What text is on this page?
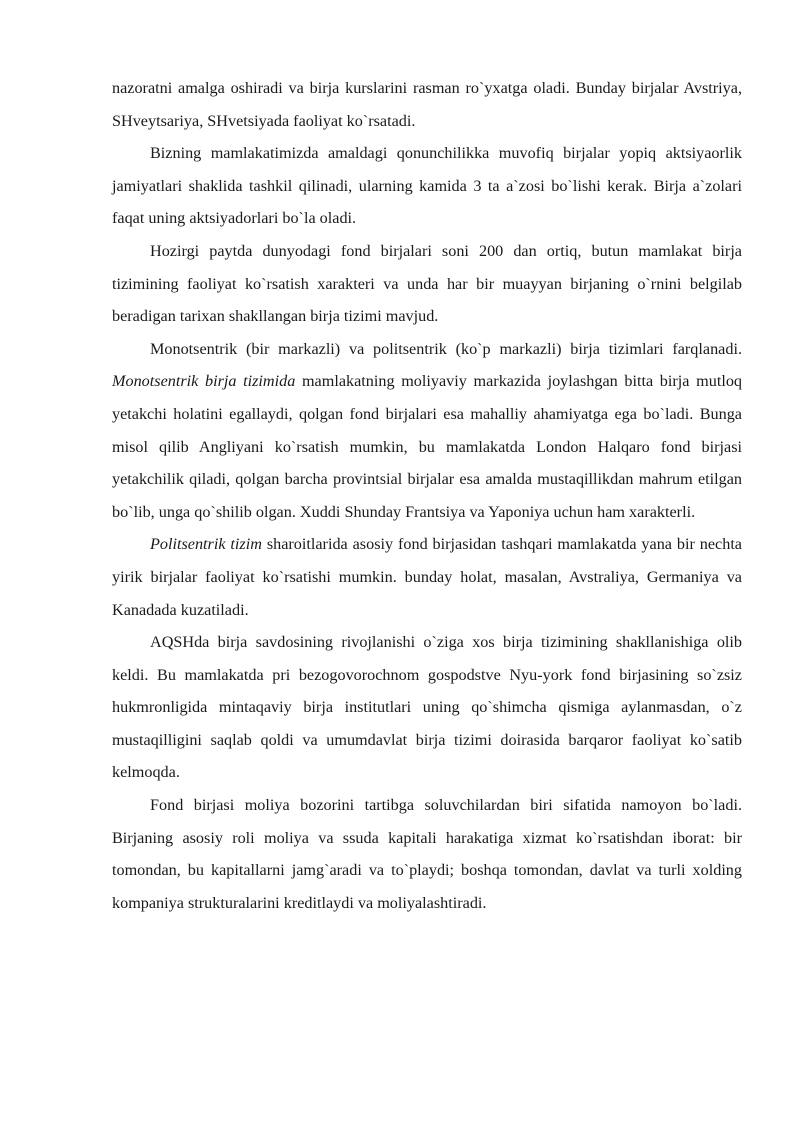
nazoratni amalga oshiradi va birja kurslarini rasman ro`yxatga oladi. Bunday birjalar Avstriya, SHveytsariya, SHvetsiyada faoliyat ko`rsatadi.

Bizning mamlakatimizda amaldagi qonunchilikka muvofiq birjalar yopiq aktsiyaorlik jamiyatlari shaklida tashkil qilinadi, ularning kamida 3 ta a`zosi bo`lishi kerak. Birja a`zolari faqat uning aktsiyadorlari bo`la oladi.

Hozirgi paytda dunyodagi fond birjalari soni 200 dan ortiq, butun mamlakat birja tizimining faoliyat ko`rsatish xarakteri va unda har bir muayyan birjaning o`rnini belgilab beradigan tarixan shakllangan birja tizimi mavjud.

Monotsentrik (bir markazli) va politsentrik (ko`p markazli) birja tizimlari farqlanadi. Monotsentrik birja tizimida mamlakatning moliyaviy markazida joylashgan bitta birja mutloq yetakchi holatini egallaydi, qolgan fond birjalari esa mahalliy ahamiyatga ega bo`ladi. Bunga misol qilib Angliyani ko`rsatish mumkin, bu mamlakatda London Halqaro fond birjasi yetakchilik qiladi, qolgan barcha provintsial birjalar esa amalda mustaqillikdan mahrum etilgan bo`lib, unga qo`shilib olgan. Xuddi Shunday Frantsiya va Yaponiya uchun ham xarakterli.

Politsentrik tizim sharoitlarida asosiy fond birjasidan tashqari mamlakatda yana bir nechta yirik birjalar faoliyat ko`rsatishi mumkin. bunday holat, masalan, Avstraliya, Germaniya va Kanadada kuzatiladi.

AQSHda birja savdosining rivojlanishi o`ziga xos birja tizimining shakllanishiga olib keldi. Bu mamlakatda pri bezogovorochnom gospodstve Nyu-york fond birjasining so`zsiz hukmronligida mintaqaviy birja institutlari uning qo`shimcha qismiga aylanmasdan, o`z mustaqilligini saqlab qoldi va umumdavlat birja tizimi doirasida barqaror faoliyat ko`satib kelmoqda.

Fond birjasi moliya bozorini tartibga soluvchilardan biri sifatida namoyon bo`ladi. Birjaning asosiy roli moliya va ssuda kapitali harakatiga xizmat ko`rsatishdan iborat: bir tomondan, bu kapitallarni jamg`aradi va to`playdi; boshqa tomondan, davlat va turli xolding kompaniya strukturalarini kreditlaydi va moliyalashtiradi.
